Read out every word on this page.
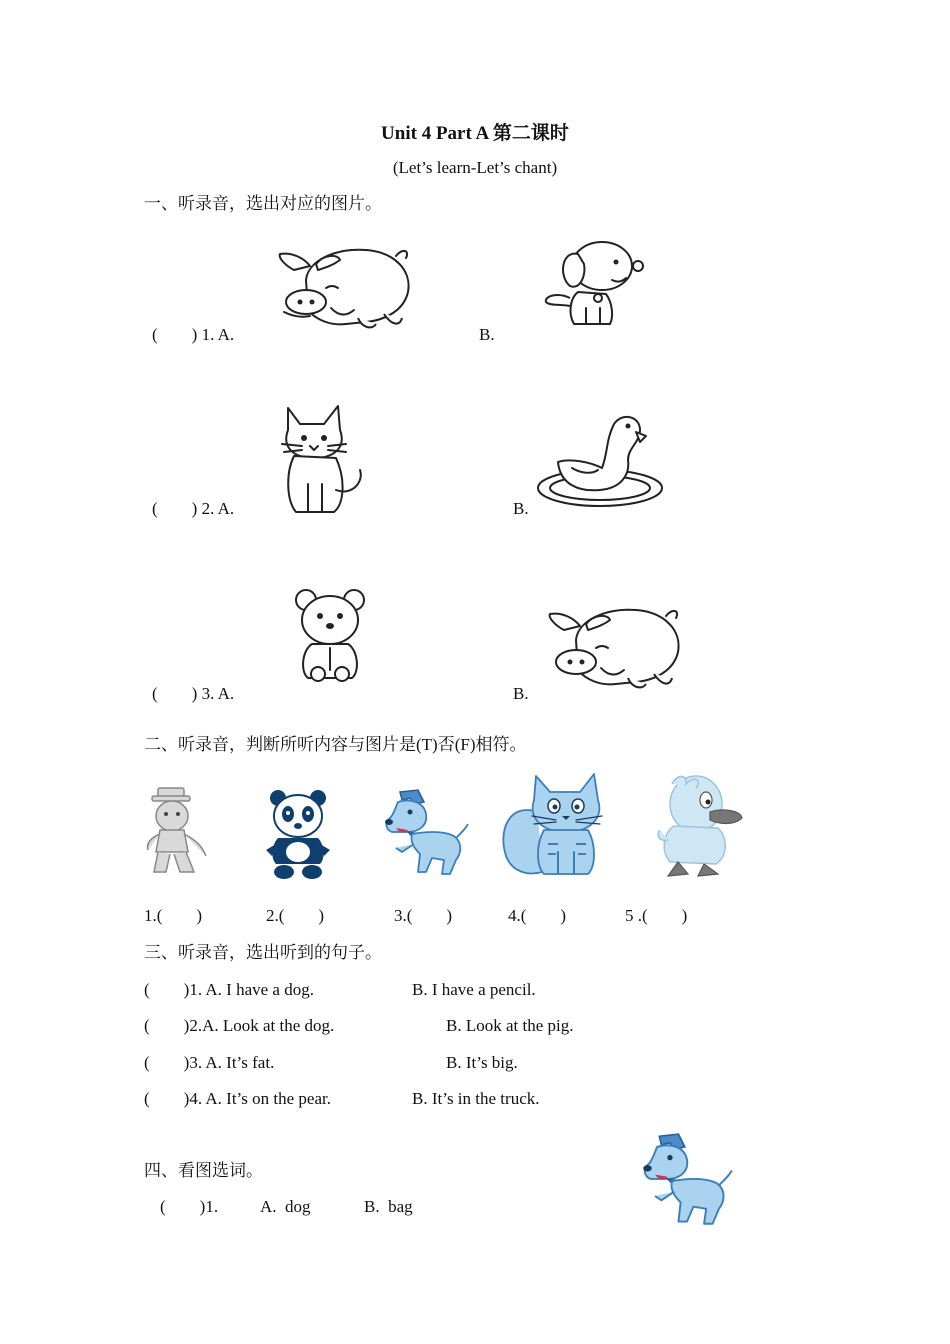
Unit 4 Part A 第二课时
(Let’s learn-Let’s chant)
一、听录音，选出对应的图片。
(　　) 1. A.	B.
(　　) 2. A.	B.
(　　) 3. A.	B.
二、听录音，判断所听内容与图片是(T)否(F)相符。
1.(　　)	2.(　　)	3.(　　)	4.(　　)	5 .(　　)
三、听录音，选出听到的句子。
(　　)1. A. I have a dog.	B. I have a pencil.
(　　)2.A. Look at the dog.	B. Look at the pig.
(　　)3. A. It’s fat.	B. It’s big.
(　　)4. A. It’s on the pear.	B. It’s in the truck.
四、看图选词。
(　　)1. A.  dog	B.  bag
